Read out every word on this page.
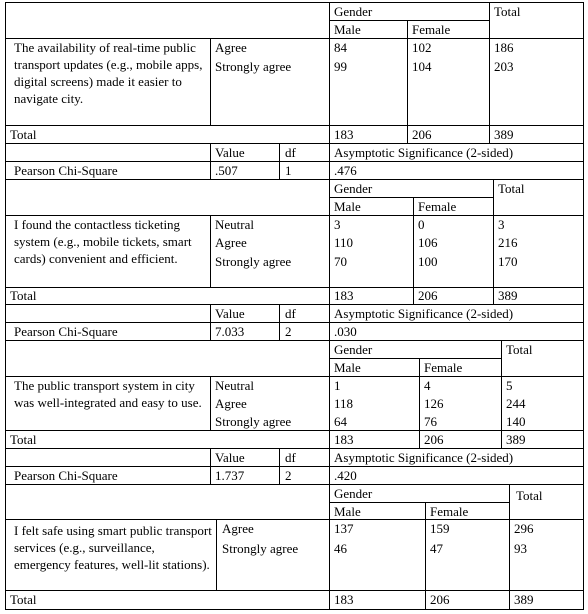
Gender	Total
Male	Female
The availability of real-time public transport updates (e.g., mobile apps, digital screens) made it easier to navigate city.
Agree	84	102	186
Strongly agree	99	104	203
Total	183	206	389
Value	df	Asymptotic Significance (2-sided)
Pearson Chi-Square	.507	1	.476
Gender	Total
Male	Female
I found the contactless ticketing system (e.g., mobile tickets, smart cards) convenient and efficient.
Neutral	3	0	3
Agree	110	106	216
Strongly agree	70	100	170
Total	183	206	389
Value	df	Asymptotic Significance (2-sided)
Pearson Chi-Square	7.033	2	.030
Gender	Total
Male	Female
The public transport system in city was well-integrated and easy to use.
Neutral	1	4	5
Agree	118	126	244
Strongly agree	64	76	140
Total	183	206	389
Value	df	Asymptotic Significance (2-sided)
Pearson Chi-Square	1.737	2	.420
Gender	Total
Male	Female
I felt safe using smart public transport services (e.g., surveillance, emergency features, well-lit stations).
Agree	137	159	296
Strongly agree	46	47	93
Total	183	206	389
